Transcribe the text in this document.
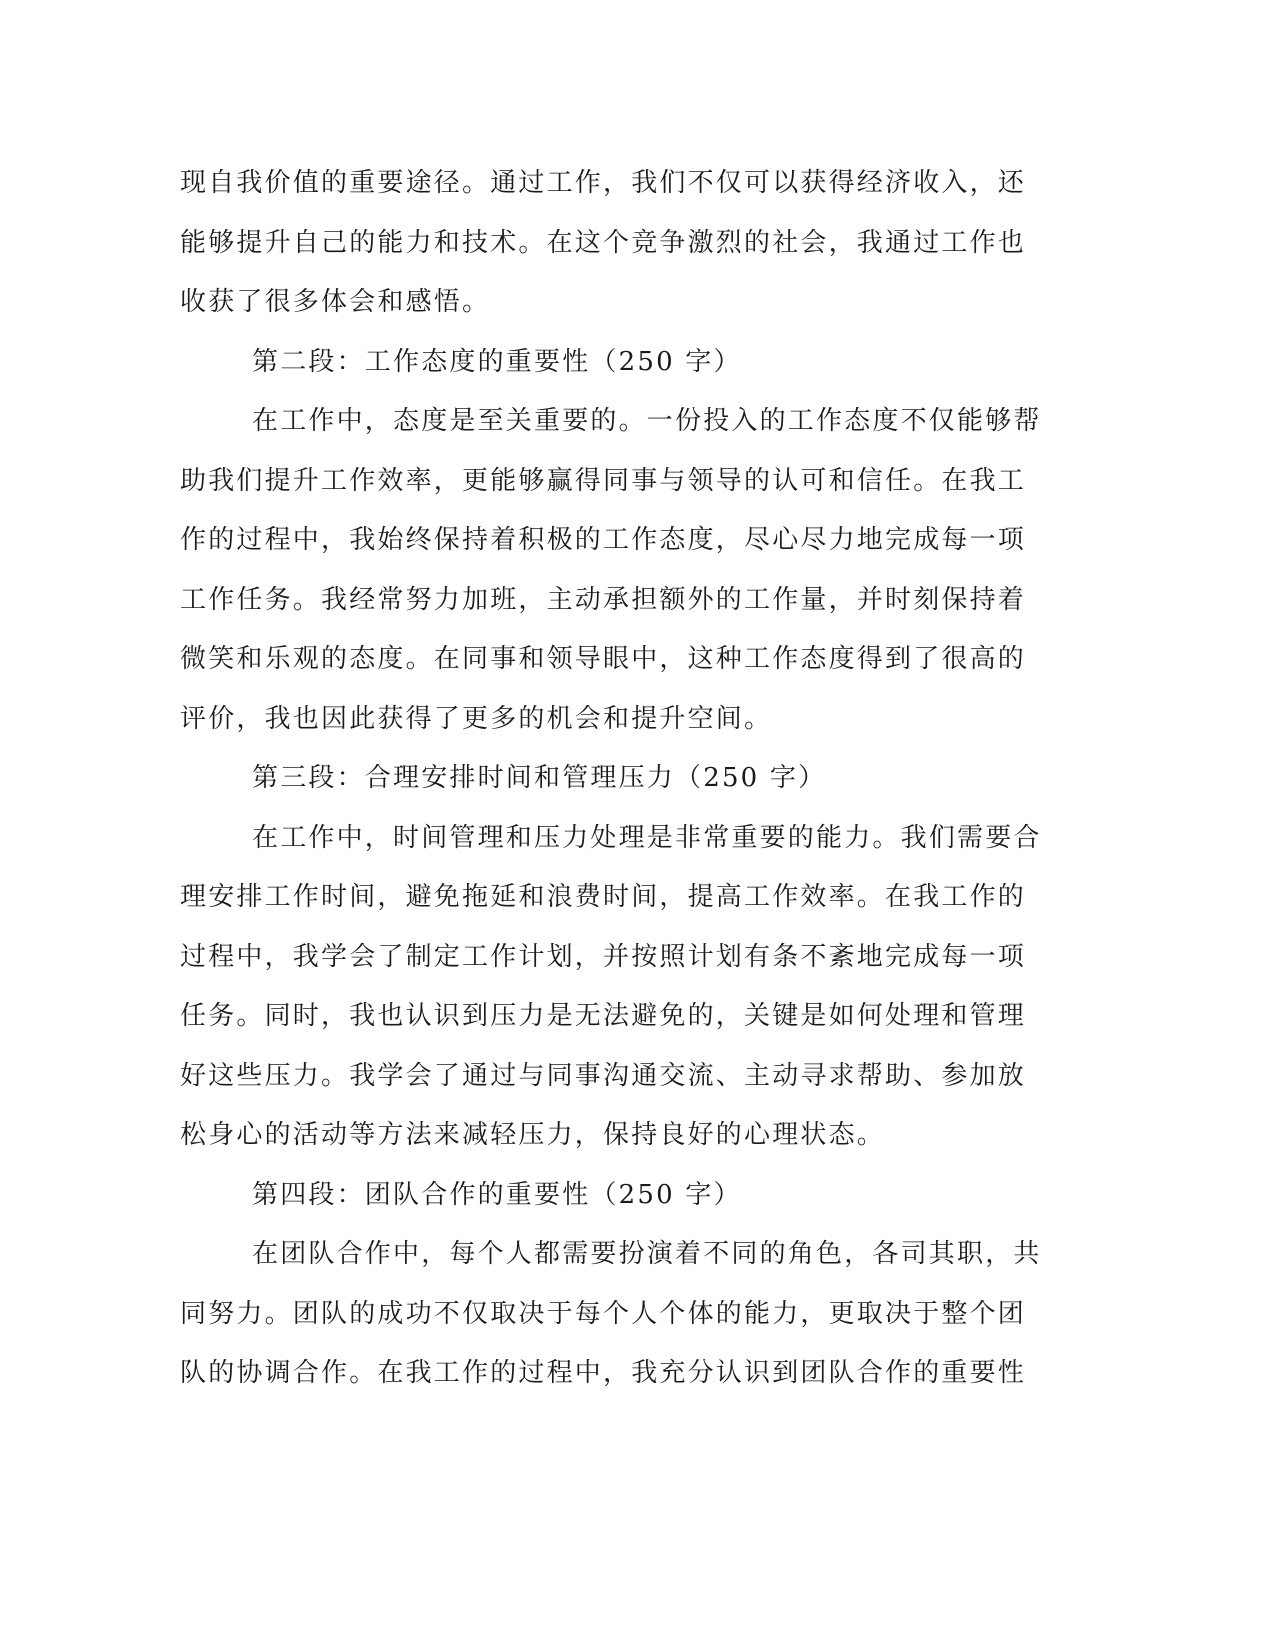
现自我价值的重要途径。通过工作，我们不仅可以获得经济收入，还
能够提升自己的能力和技术。在这个竞争激烈的社会，我通过工作也
收获了很多体会和感悟。

第二段：工作态度的重要性（250 字）

在工作中，态度是至关重要的。一份投入的工作态度不仅能够帮
助我们提升工作效率，更能够赢得同事与领导的认可和信任。在我工
作的过程中，我始终保持着积极的工作态度，尽心尽力地完成每一项
工作任务。我经常努力加班，主动承担额外的工作量，并时刻保持着
微笑和乐观的态度。在同事和领导眼中，这种工作态度得到了很高的
评价，我也因此获得了更多的机会和提升空间。

第三段：合理安排时间和管理压力（250 字）

在工作中，时间管理和压力处理是非常重要的能力。我们需要合
理安排工作时间，避免拖延和浪费时间，提高工作效率。在我工作的
过程中，我学会了制定工作计划，并按照计划有条不紊地完成每一项
任务。同时，我也认识到压力是无法避免的，关键是如何处理和管理
好这些压力。我学会了通过与同事沟通交流、主动寻求帮助、参加放
松身心的活动等方法来减轻压力，保持良好的心理状态。

第四段：团队合作的重要性（250 字）

在团队合作中，每个人都需要扮演着不同的角色，各司其职，共
同努力。团队的成功不仅取决于每个人个体的能力，更取决于整个团
队的协调合作。在我工作的过程中，我充分认识到团队合作的重要性
